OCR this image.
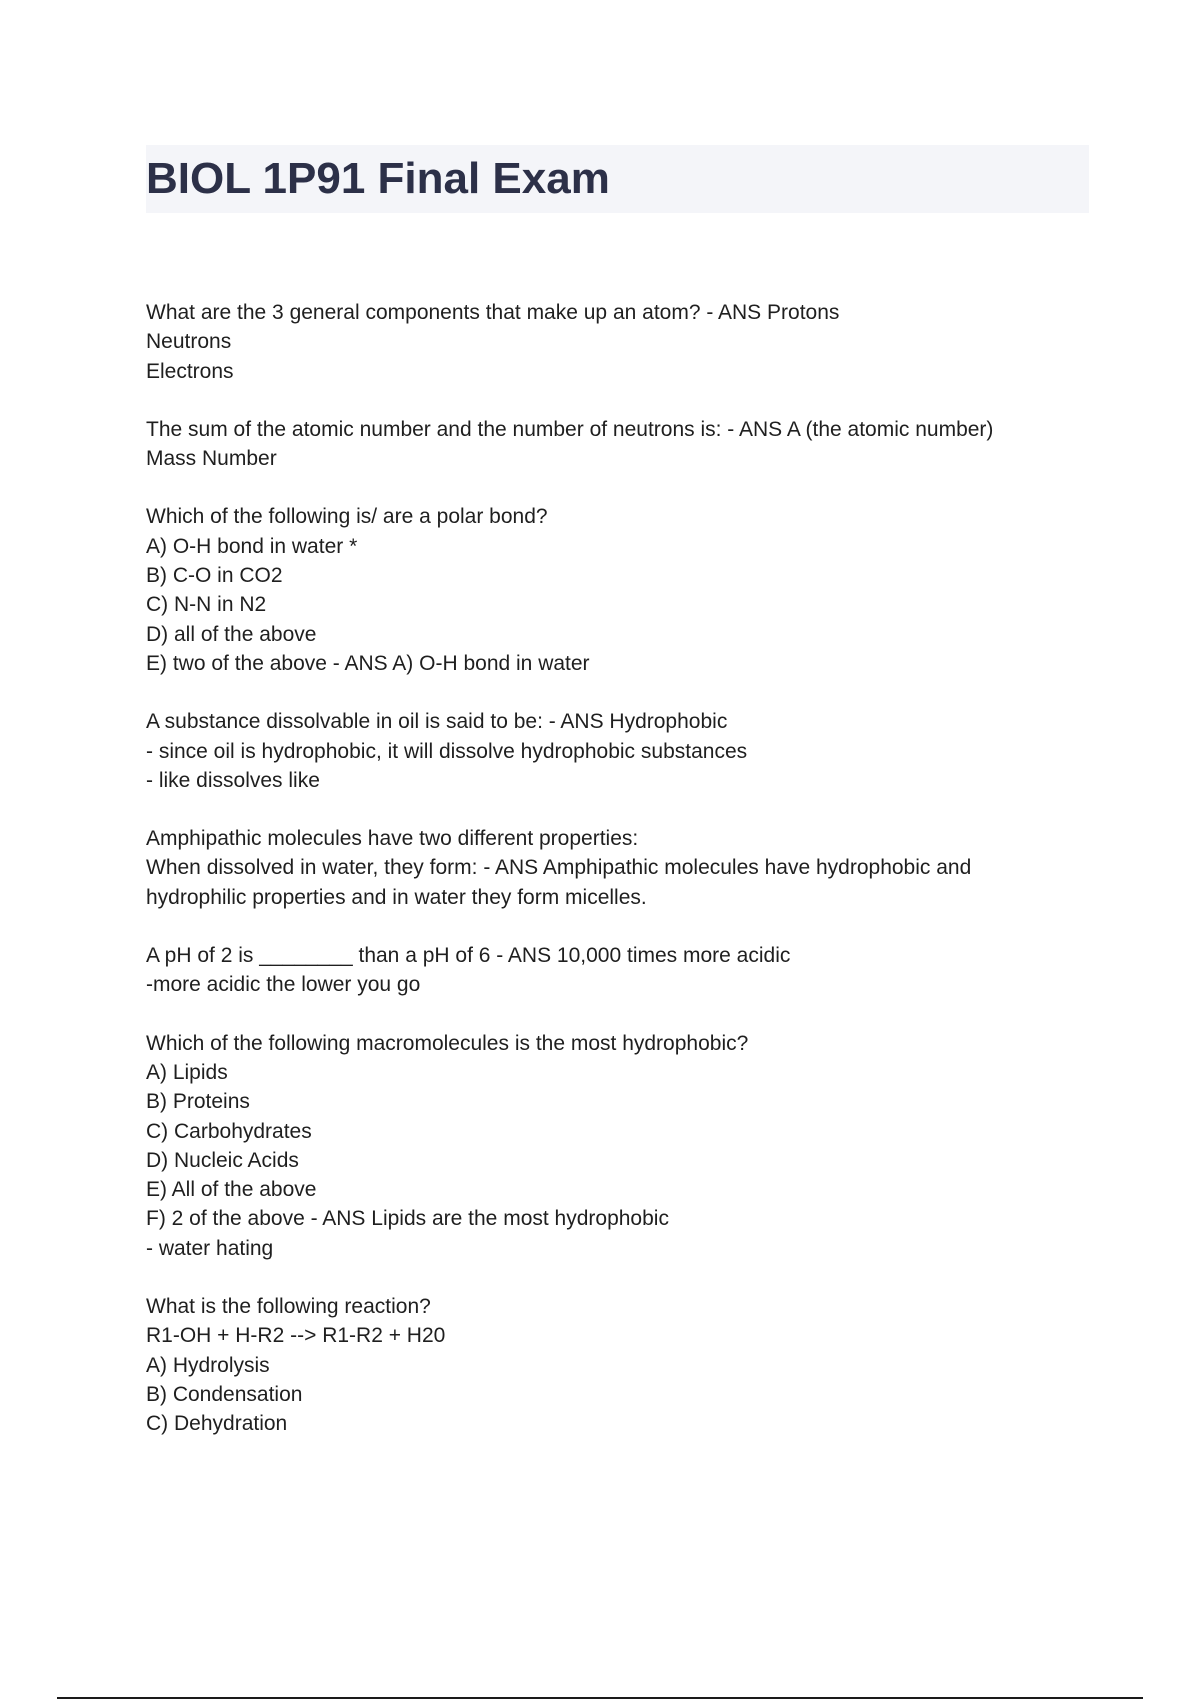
BIOL 1P91 Final Exam
What are the 3 general components that make up an atom? - ANS Protons
Neutrons
Electrons
The sum of the atomic number and the number of neutrons is: - ANS A (the atomic number)
Mass Number
Which of the following is/ are a polar bond?
A) O-H bond in water *
B) C-O in CO2
C) N-N in N2
D) all of the above
E) two of the above - ANS A) O-H bond in water
A substance dissolvable in oil is said to be: - ANS Hydrophobic
- since oil is hydrophobic, it will dissolve hydrophobic substances
- like dissolves like
Amphipathic molecules have two different properties:
When dissolved in water, they form: - ANS Amphipathic molecules have hydrophobic and
hydrophilic properties and in water they form micelles.
A pH of 2 is ________ than a pH of 6 - ANS 10,000 times more acidic
-more acidic the lower you go
Which of the following macromolecules is the most hydrophobic?
A) Lipids
B) Proteins
C) Carbohydrates
D) Nucleic Acids
E) All of the above
F) 2 of the above - ANS Lipids are the most hydrophobic
- water hating
What is the following reaction?
R1-OH + H-R2 --> R1-R2 + H20
A) Hydrolysis
B) Condensation
C) Dehydration
